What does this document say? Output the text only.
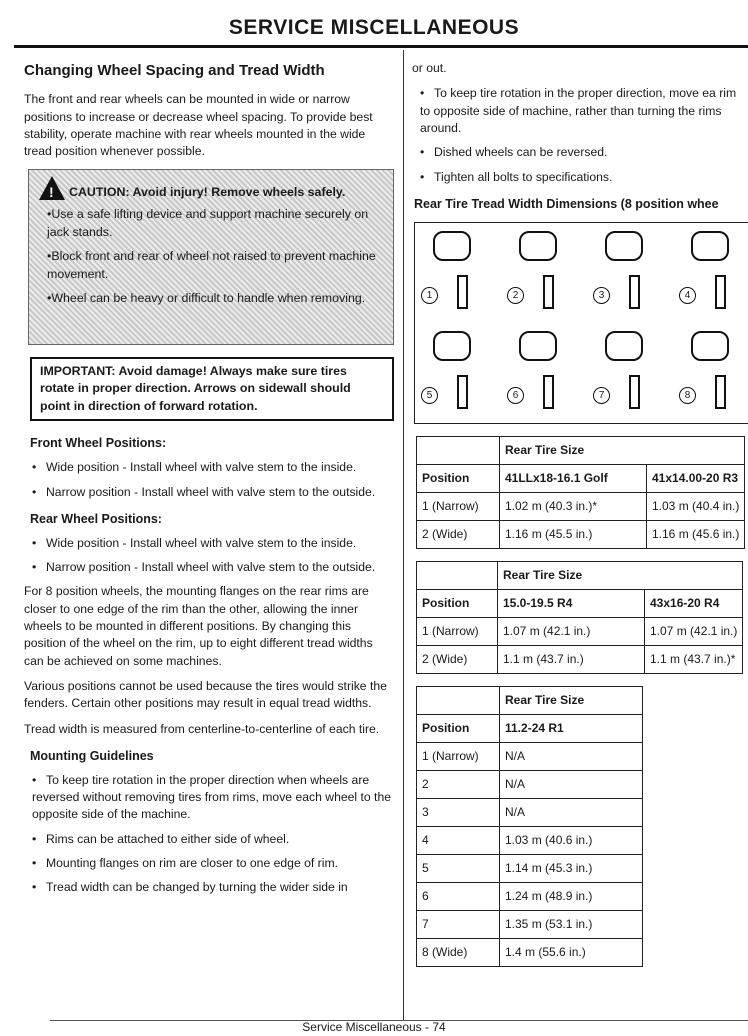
SERVICE MISCELLANEOUS
Changing Wheel Spacing and Tread Width

The front and rear wheels can be mounted in wide or narrow positions to increase or decrease wheel spacing. To provide best stability, operate machine with rear wheels mounted in the wide tread position whenever possible.

! CAUTION: Avoid injury! Remove wheels safely.
•Use a safe lifting device and support machine securely on jack stands.
•Block front and rear of wheel not raised to prevent machine movement.
•Wheel can be heavy or difficult to handle when removing.
IMPORTANT: Avoid damage! Always make sure tires rotate in proper direction. Arrows on sidewall should point in direction of forward rotation.
Front Wheel Positions:
• Wide position - Install wheel with valve stem to the inside.
• Narrow position - Install wheel with valve stem to the outside.
Rear Wheel Positions:
• Wide position - Install wheel with valve stem to the inside.
• Narrow position - Install wheel with valve stem to the outside.

For 8 position wheels, the mounting flanges on the rear rims are closer to one edge of the rim than the other, allowing the inner wheels to be mounted in different positions. By changing this position of the wheel on the rim, up to eight different tread widths can be achieved on some machines.

Various positions cannot be used because the tires would strike the fenders. Certain other positions may result in equal tread widths.

Tread width is measured from centerline-to-centerline of each tire.

Mounting Guidelines
• To keep tire rotation in the proper direction when wheels are reversed without removing tires from rims, move each wheel to the opposite side of the machine.
• Rims can be attached to either side of wheel.
• Mounting flanges on rim are closer to one edge of rim.
• Tread width can be changed by turning the wider side in

or out.

• To keep tire rotation in the proper direction, move ea rim to opposite side of machine, rather than turning the rims around.
• Dished wheels can be reversed.
• Tighten all bolts to specifications.
Rear Tire Tread Width Dimensions (8 position whee
1	2	3	4
5	6	7	8
	Rear Tire Size	
Position	41LLx18-16.1 Golf	41x14.00-20 R3
1 (Narrow)	1.02 m (40.3 in.)*	1.03 m (40.4 in.)
2 (Wide)	1.16 m (45.5 in.)	1.16 m (45.6 in.)
	Rear Tire Size	
Position	15.0-19.5 R4	43x16-20 R4
1 (Narrow)	1.07 m (42.1 in.)	1.07 m (42.1 in.)
2 (Wide)	1.1 m (43.7 in.)	1.1 m (43.7 in.)*
	Rear Tire Size
Position	11.2-24 R1
1 (Narrow)	N/A
2	N/A
3	N/A
4	1.03 m (40.6 in.)
5	1.14 m (45.3 in.)
6	1.24 m (48.9 in.)
7	1.35 m (53.1 in.)
8 (Wide)	1.4 m (55.6 in.)
Service Miscellaneous - 74
